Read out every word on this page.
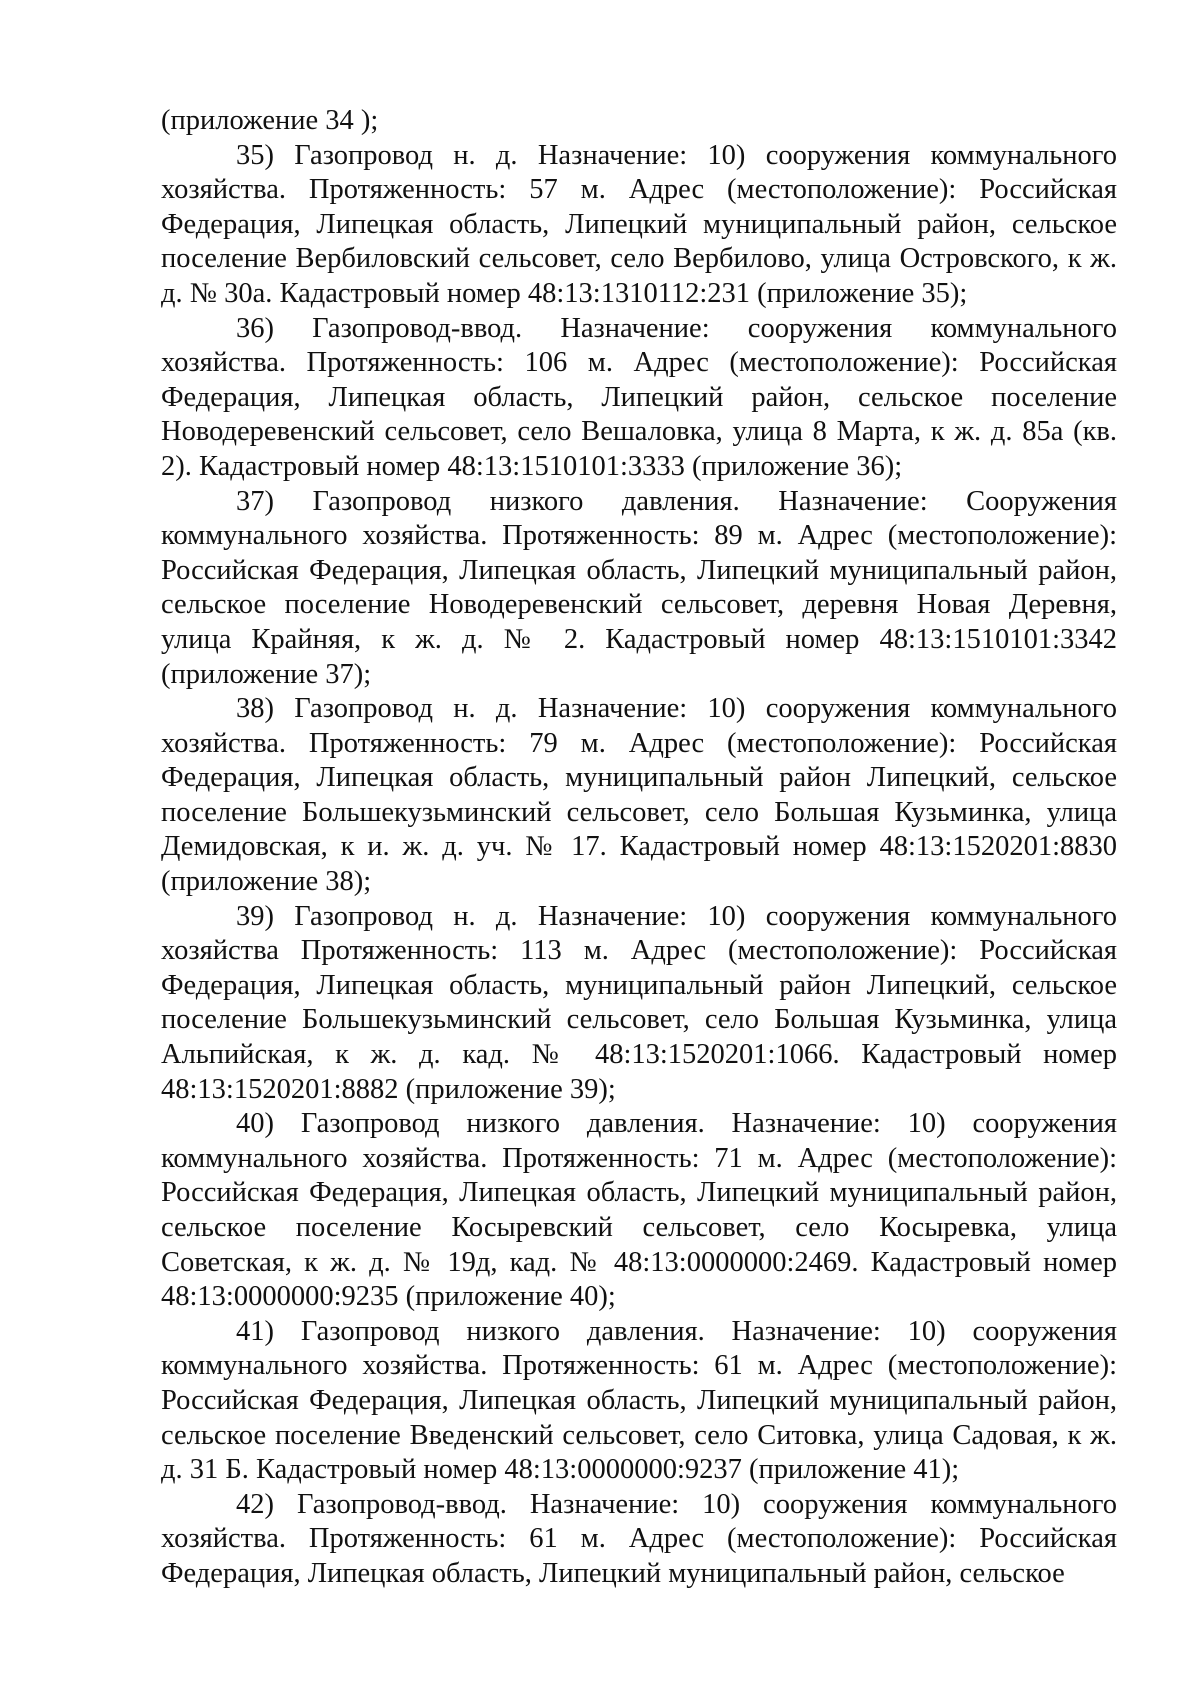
(приложение 34 );

35) Газопровод н. д. Назначение: 10) сооружения коммунального хозяйства. Протяженность: 57 м. Адрес (местоположение): Российская Федерация, Липецкая область, Липецкий муниципальный район, сельское поселение Вербиловский сельсовет, село Вербилово, улица Островского, к ж. д. № 30а. Кадастровый номер 48:13:1310112:231 (приложение 35);

36) Газопровод-ввод. Назначение: сооружения коммунального хозяйства. Протяженность: 106 м. Адрес (местоположение): Российская Федерация, Липецкая область, Липецкий район, сельское поселение Новодеревенский сельсовет, село Вешаловка, улица 8 Марта, к ж. д. 85а (кв. 2). Кадастровый номер 48:13:1510101:3333 (приложение 36);

37) Газопровод низкого давления. Назначение: Сооружения коммунального хозяйства. Протяженность: 89 м. Адрес (местоположение): Российская Федерация, Липецкая область, Липецкий муниципальный район, сельское поселение Новодеревенский сельсовет, деревня Новая Деревня, улица Крайняя, к ж. д. № 2. Кадастровый номер 48:13:1510101:3342 (приложение 37);

38) Газопровод н. д. Назначение: 10) сооружения коммунального хозяйства. Протяженность: 79 м. Адрес (местоположение): Российская Федерация, Липецкая область, муниципальный район Липецкий, сельское поселение Большекузьминский сельсовет, село Большая Кузьминка, улица Демидовская, к и. ж. д. уч. № 17. Кадастровый номер 48:13:1520201:8830 (приложение 38);

39) Газопровод н. д. Назначение: 10) сооружения коммунального хозяйства Протяженность: 113 м. Адрес (местоположение): Российская Федерация, Липецкая область, муниципальный район Липецкий, сельское поселение Большекузьминский сельсовет, село Большая Кузьминка, улица Альпийская, к ж. д. кад. № 48:13:1520201:1066. Кадастровый номер 48:13:1520201:8882 (приложение 39);

40) Газопровод низкого давления. Назначение: 10) сооружения коммунального хозяйства. Протяженность: 71 м. Адрес (местоположение): Российская Федерация, Липецкая область, Липецкий муниципальный район, сельское поселение Косыревский сельсовет, село Косыревка, улица Советская, к ж. д. № 19д, кад. № 48:13:0000000:2469. Кадастровый номер 48:13:0000000:9235 (приложение 40);

41) Газопровод низкого давления. Назначение: 10) сооружения коммунального хозяйства. Протяженность: 61 м. Адрес (местоположение): Российская Федерация, Липецкая область, Липецкий муниципальный район, сельское поселение Введенский сельсовет, село Ситовка, улица Садовая, к ж. д. 31 Б. Кадастровый номер 48:13:0000000:9237 (приложение 41);

42) Газопровод-ввод. Назначение: 10) сооружения коммунального хозяйства. Протяженность: 61 м. Адрес (местоположение): Российская Федерация, Липецкая область, Липецкий муниципальный район, сельское
